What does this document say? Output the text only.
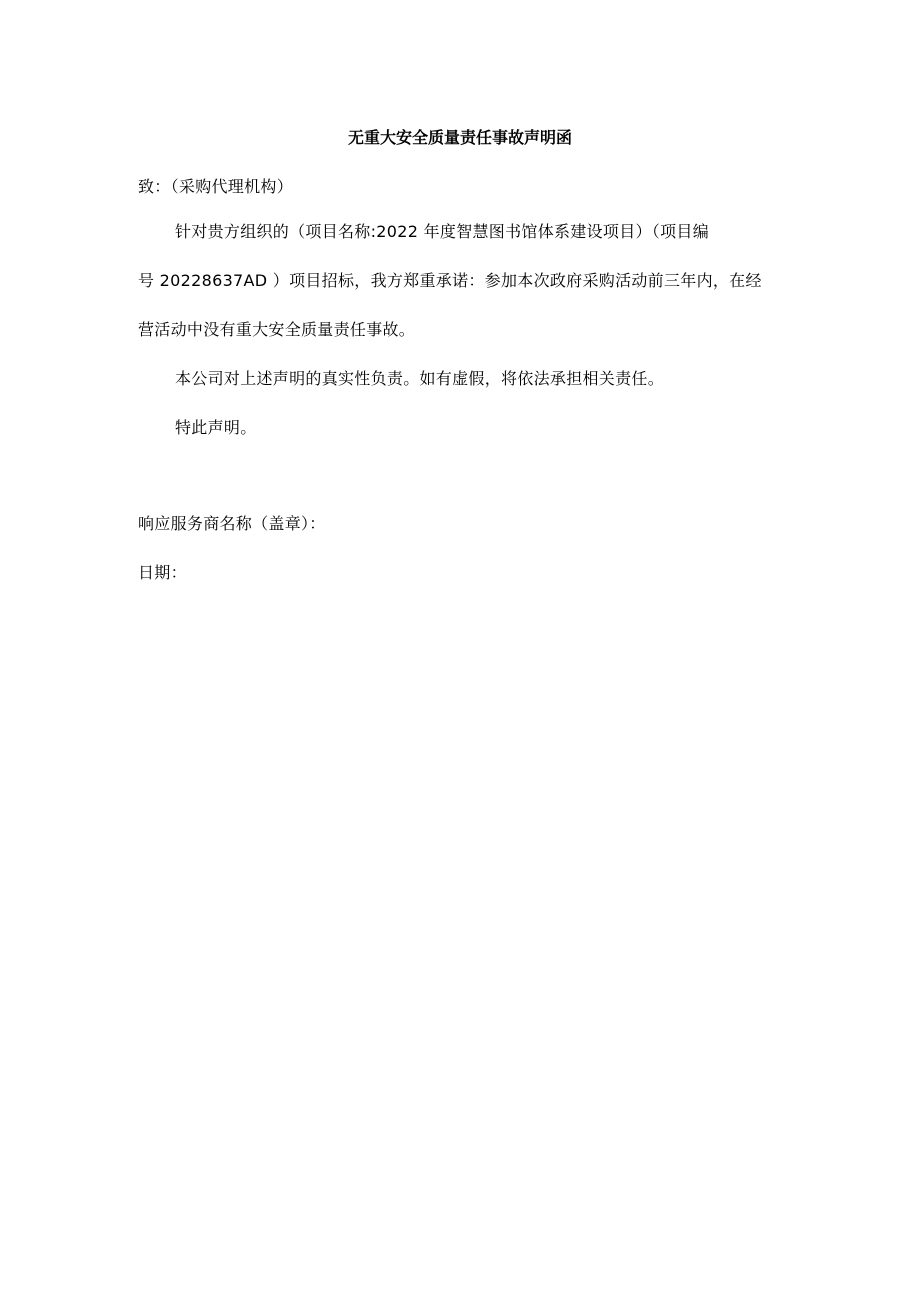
无重大安全质量责任事故声明函
致：（采购代理机构）
针对贵方组织的（项目名称:2022 年度智慧图书馆体系建设项目）（项目编
号 20228637AD ）项目招标，我方郑重承诺：参加本次政府采购活动前三年内，在经
营活动中没有重大安全质量责任事故。
本公司对上述声明的真实性负责。如有虚假，将依法承担相关责任。
特此声明。
响应服务商名称（盖章）：
日期：
